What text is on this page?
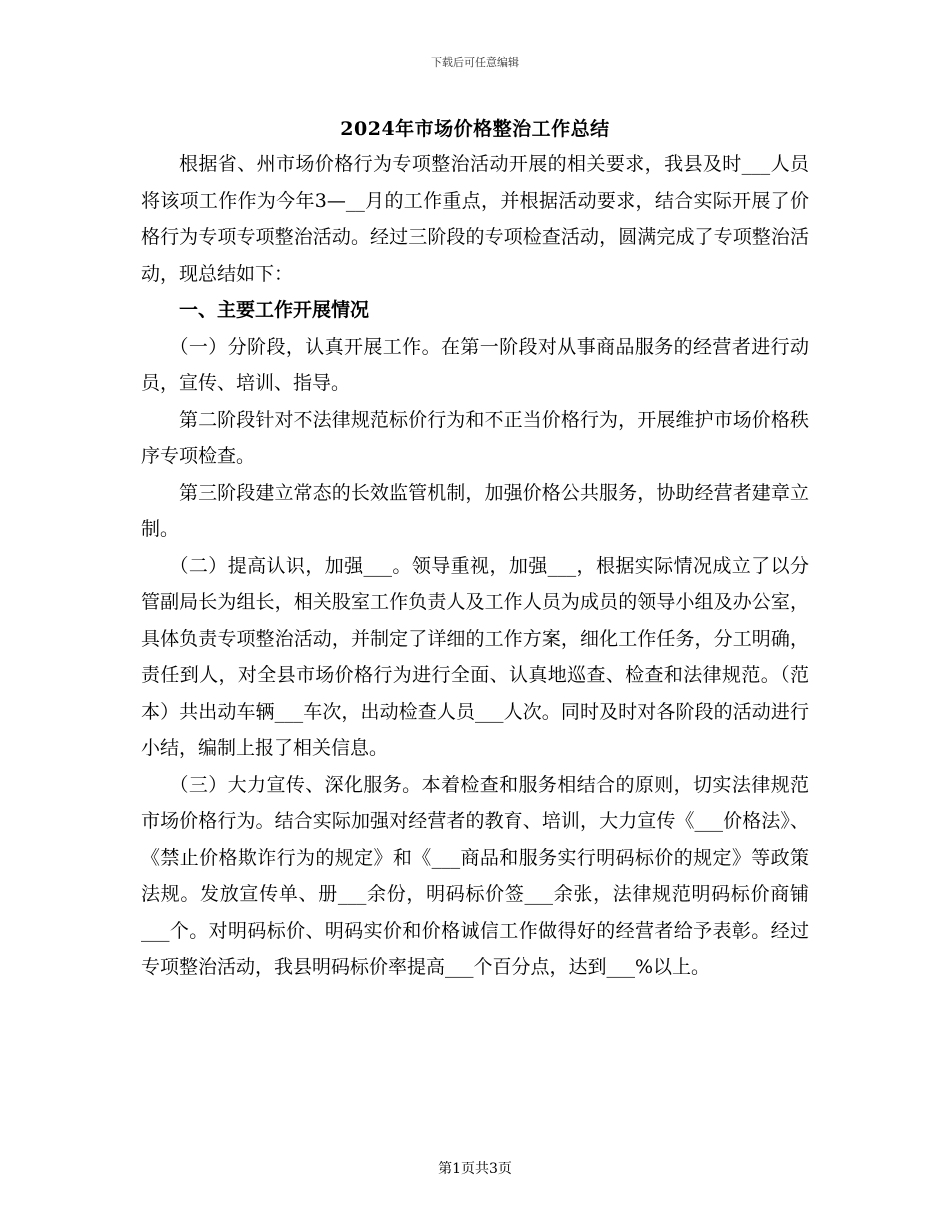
下载后可任意编辑
2024年市场价格整治工作总结

根据省、州市场价格行为专项整治活动开展的相关要求，我县及时___人员将该项工作作为今年3—__月的工作重点，并根据活动要求，结合实际开展了价格行为专项专项整治活动。经过三阶段的专项检查活动，圆满完成了专项整治活动，现总结如下：

一、主要工作开展情况

（一）分阶段，认真开展工作。在第一阶段对从事商品服务的经营者进行动员，宣传、培训、指导。

第二阶段针对不法律规范标价行为和不正当价格行为，开展维护市场价格秩序专项检查。

第三阶段建立常态的长效监管机制，加强价格公共服务，协助经营者建章立制。

（二）提高认识，加强___。领导重视，加强___，根据实际情况成立了以分管副局长为组长，相关股室工作负责人及工作人员为成员的领导小组及办公室，具体负责专项整治活动，并制定了详细的工作方案，细化工作任务，分工明确，责任到人，对全县市场价格行为进行全面、认真地巡查、检查和法律规范。（范本）共出动车辆___车次，出动检查人员___人次。同时及时对各阶段的活动进行小结，编制上报了相关信息。

（三）大力宣传、深化服务。本着检查和服务相结合的原则，切实法律规范市场价格行为。结合实际加强对经营者的教育、培训，大力宣传《___价格法》、《禁止价格欺诈行为的规定》和《___商品和服务实行明码标价的规定》等政策法规。发放宣传单、册___余份，明码标价签___余张，法律规范明码标价商铺___个。对明码标价、明码实价和价格诚信工作做得好的经营者给予表彰。经过专项整治活动，我县明码标价率提高___个百分点，达到___%以上。

第1页共3页
